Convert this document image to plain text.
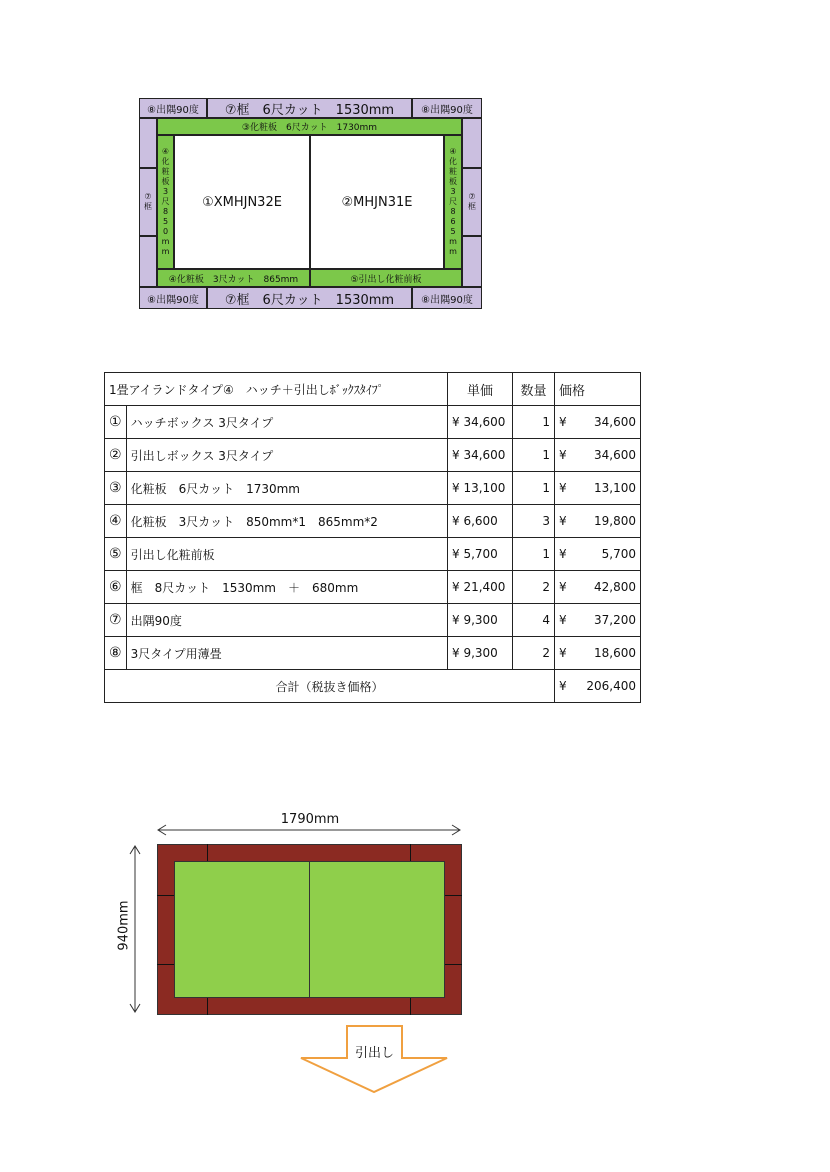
⑧出隅90度 ⑦框　6尺カット　1530mm	⑧出隅90度
⑧出隅90度 ⑦框　6尺カット　1530mm	⑧出隅90度
⑦
框
⑦
框
③化粧板　6尺カット　1730mm
④
化
粧
板
3
尺
8
5
0
m
m
④
化
粧
板
3
尺
8
6
5
m
m
④化粧板　3尺カット　865mm	⑤引出し化粧前板
①XMHJN32E	②MHJN31E
1畳アイランドタイプ④　ハッチ＋引出しﾎﾞｯｸｽﾀｲﾌﾟ		単価	数量	価格
①	ハッチボックス 3尺タイプ	¥ 34,600	1	¥ 34,600

②	引出しボックス 3尺タイプ	¥ 34,600	1	¥ 34,600

③	化粧板　6尺カット　1730mm	¥ 13,100	1	¥ 13,100

④	化粧板　3尺カット　850mm*1　865mm*2	¥ 6,600	3	¥ 19,800

⑤	引出し化粧前板	¥ 5,700	1	¥ 5,700

⑥	框　8尺カット　1530mm　＋　680mm	¥ 21,400	2	¥ 42,800

⑦	出隅90度	¥ 9,300	4	¥ 37,200

⑧	3尺タイプ用薄畳	¥ 9,300	2	¥ 18,600

合計（税抜き価格）				¥ 206,400
1790mm
940mm
引出し
